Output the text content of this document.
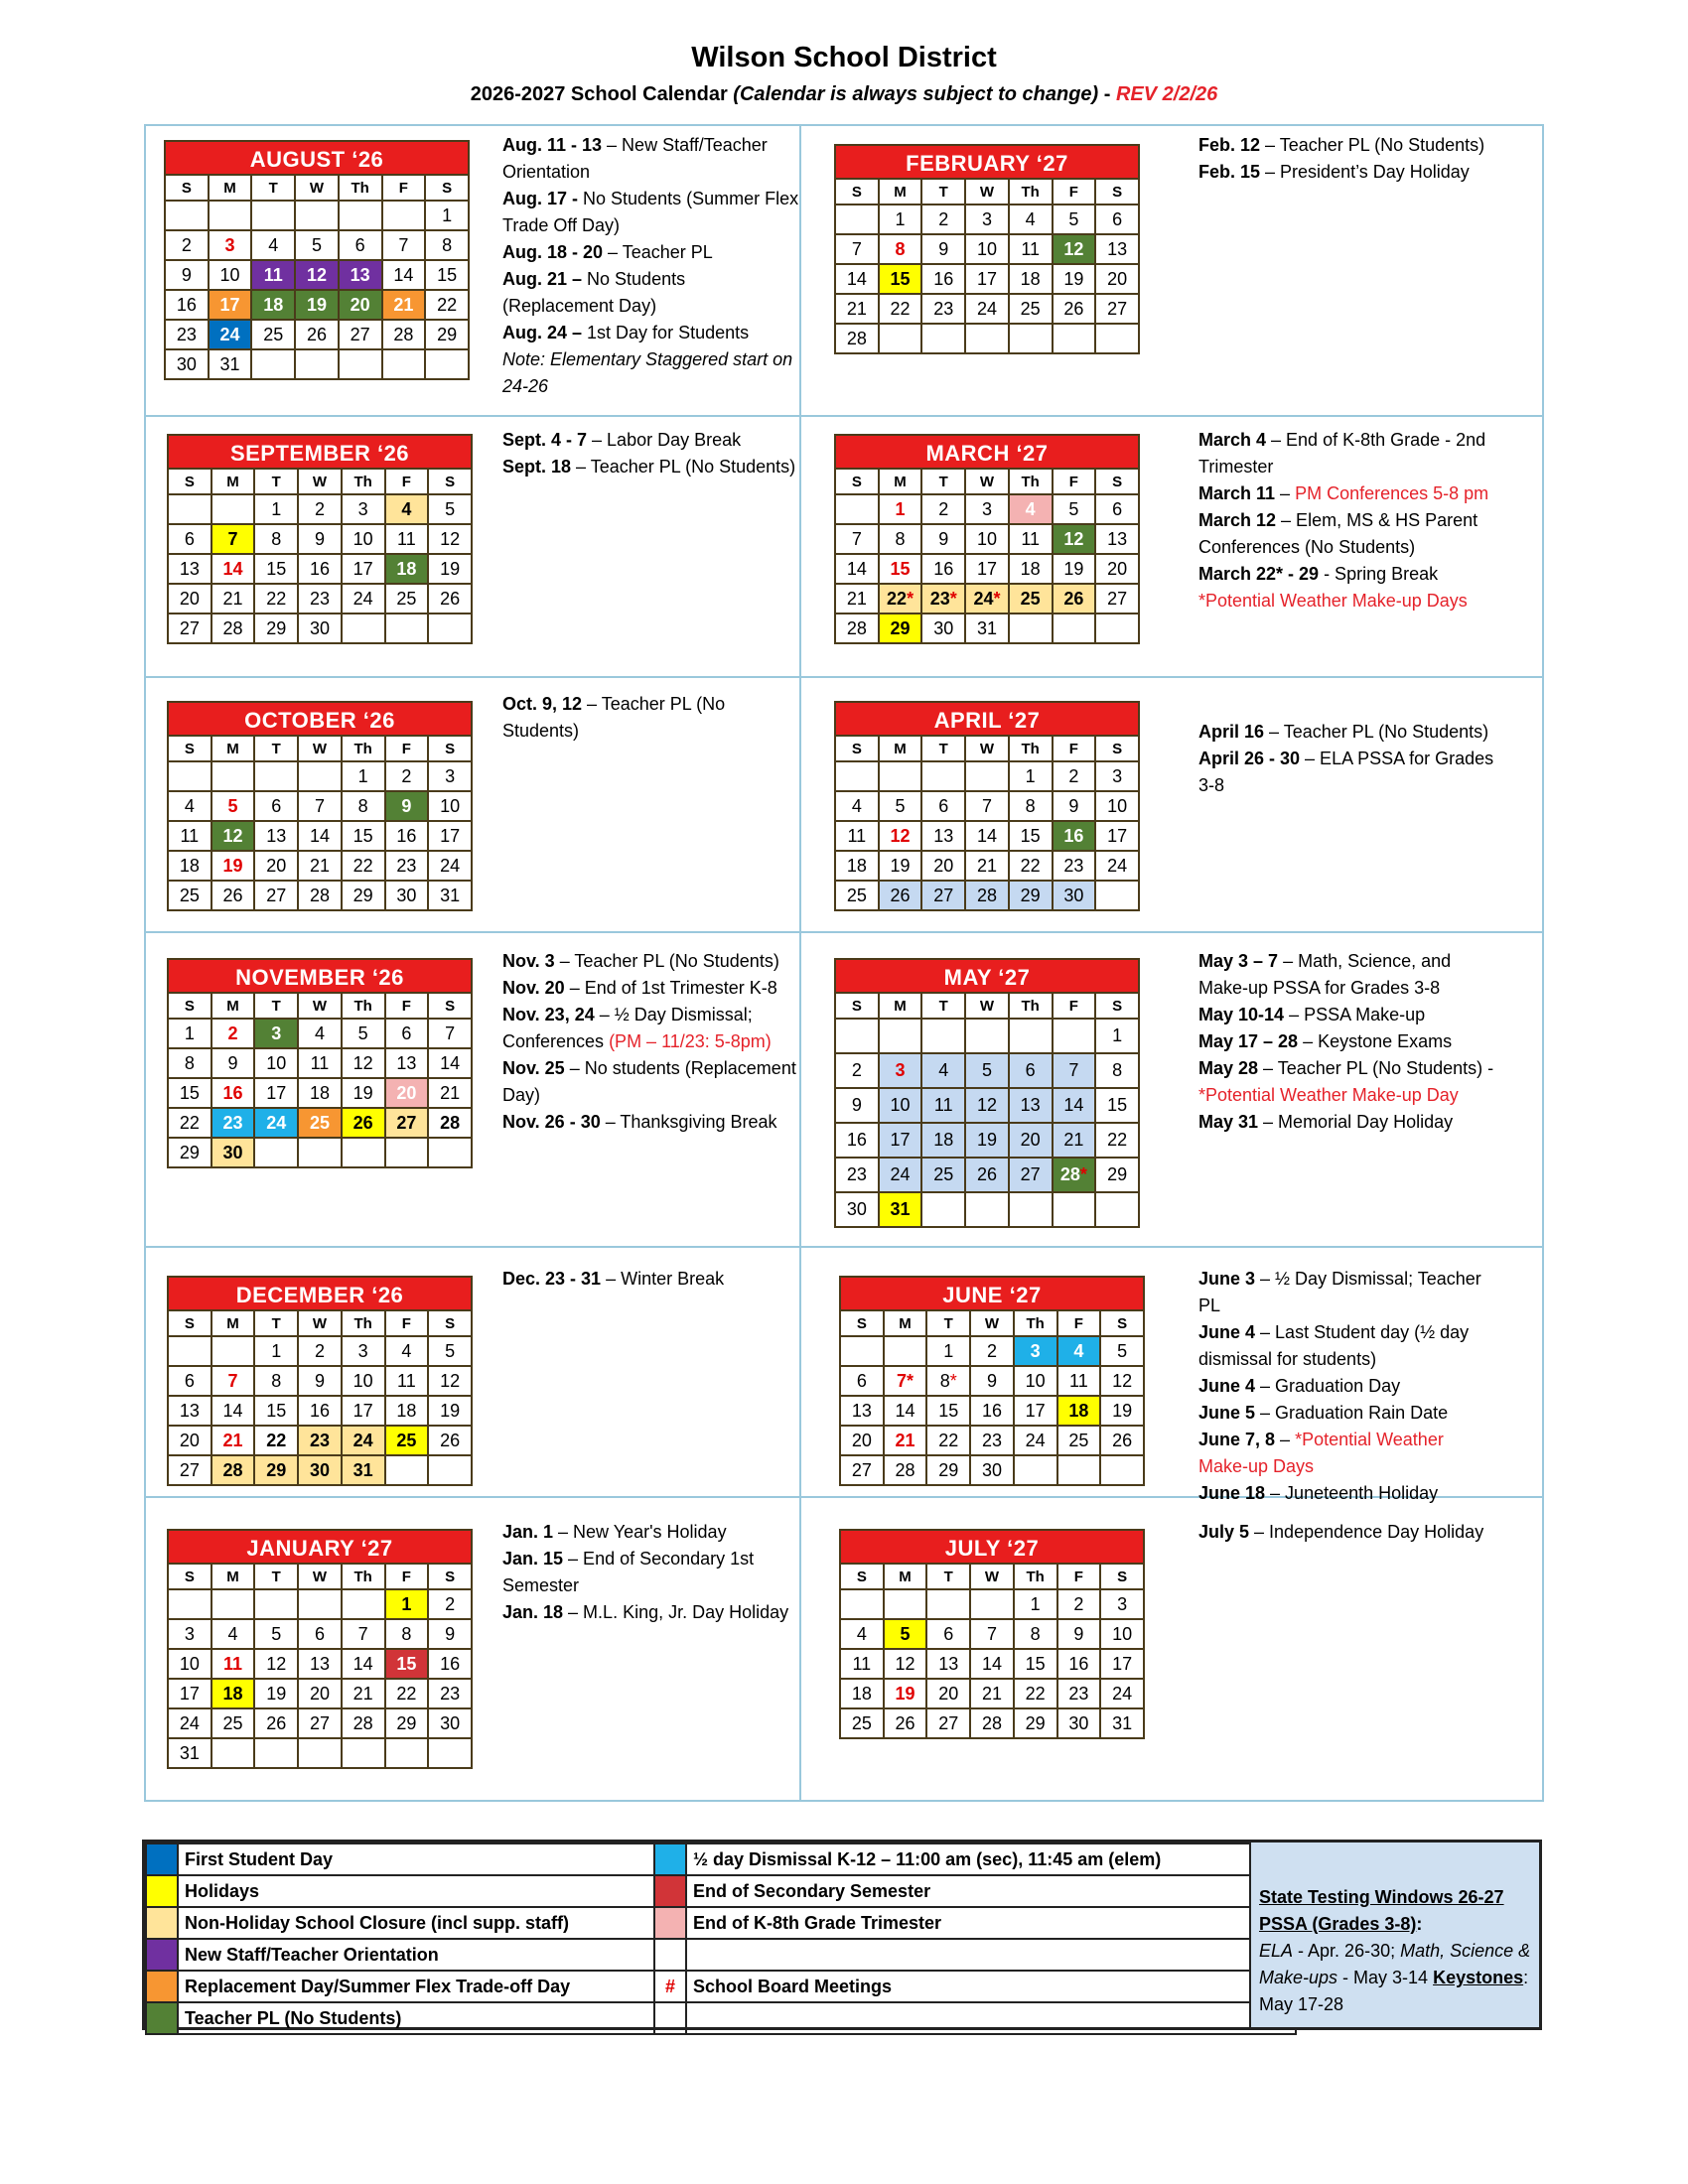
Wilson School District
2026-2027 School Calendar (Calendar is always subject to change) - REV 2/2/26
AUGUST ‘26
S	M	T	W	Th	F	S
						1
2	3	4	5	6	7	8
9	10	11	12	13	14	15
16	17	18	19	20	21	22
23	24	25	26	27	28	29
30	31					
FEBRUARY ‘27
S	M	T	W	Th	F	S
	1	2	3	4	5	6
7	8	9	10	11	12	13
14	15	16	17	18	19	20
21	22	23	24	25	26	27
28						
SEPTEMBER ‘26
S	M	T	W	Th	F	S
		1	2	3	4	5
6	7	8	9	10	11	12
13	14	15	16	17	18	19
20	21	22	23	24	25	26
27	28	29	30			
MARCH ‘27
S	M	T	W	Th	F	S
	1	2	3	4	5	6
7	8	9	10	11	12	13
14	15	16	17	18	19	20
21	22*	23*	24*	25	26	27
28	29	30	31			
OCTOBER ‘26
S	M	T	W	Th	F	S
				1	2	3
4	5	6	7	8	9	10
11	12	13	14	15	16	17
18	19	20	21	22	23	24
25	26	27	28	29	30	31
APRIL ‘27
S	M	T	W	Th	F	S
				1	2	3
4	5	6	7	8	9	10
11	12	13	14	15	16	17
18	19	20	21	22	23	24
25	26	27	28	29	30	
NOVEMBER ‘26
S	M	T	W	Th	F	S
1	2	3	4	5	6	7
8	9	10	11	12	13	14
15	16	17	18	19	20	21
22	23	24	25	26	27	28
29	30					
MAY ‘27
S	M	T	W	Th	F	S
						1
2	3	4	5	6	7	8
9	10	11	12	13	14	15
16	17	18	19	20	21	22
23	24	25	26	27	28*	29
30	31					
DECEMBER ‘26
S	M	T	W	Th	F	S
		1	2	3	4	5
6	7	8	9	10	11	12
13	14	15	16	17	18	19
20	21	22	23	24	25	26
27	28	29	30	31		
JUNE ‘27
S	M	T	W	Th	F	S
		1	2	3	4	5
6	7*	8*	9	10	11	12
13	14	15	16	17	18	19
20	21	22	23	24	25	26
27	28	29	30			
JANUARY ‘27
S	M	T	W	Th	F	S
					1	2
3	4	5	6	7	8	9
10	11	12	13	14	15	16
17	18	19	20	21	22	23
24	25	26	27	28	29	30
31						
JULY ‘27
S	M	T	W	Th	F	S
				1	2	3
4	5	6	7	8	9	10
11	12	13	14	15	16	17
18	19	20	21	22	23	24
25	26	27	28	29	30	31
Aug. 11 - 13 – New Staff/Teacher Orientation
Aug. 17 - No Students (Summer Flex Trade Off Day)
Aug. 18 - 20 – Teacher PL
Aug. 21 – No Students (Replacement Day)
Aug. 24 – 1st Day for Students
Note: Elementary Staggered start on 24-26
Feb. 12 – Teacher PL (No Students)
Feb. 15 – President’s Day Holiday
Sept. 4 - 7 – Labor Day Break
Sept. 18 – Teacher PL (No Students)
March 4 – End of K-8th Grade - 2nd Trimester
March 11 – PM Conferences 5-8 pm
March 12 – Elem, MS & HS Parent Conferences (No Students)
March 22* - 29 - Spring Break
*Potential Weather Make-up Days
Oct. 9, 12 – Teacher PL (No Students)	April 16 – Teacher PL (No Students)
April 26 - 30 – ELA PSSA for Grades 3-8
Nov. 3 – Teacher PL (No Students)
Nov. 20 – End of 1st Trimester K-8
Nov. 23, 24 – ½ Day Dismissal; Conferences (PM – 11/23: 5-8pm)
Nov. 25 – No students (Replacement Day)
Nov. 26 - 30 – Thanksgiving Break
May 3 – 7 – Math, Science, and Make-up PSSA for Grades 3-8
May 10-14 – PSSA Make-up
May 17 – 28 – Keystone Exams
May 28 – Teacher PL (No Students) -
*Potential Weather Make-up Day
May 31 – Memorial Day Holiday
Dec. 23 - 31 – Winter Break	June 3 – ½ Day Dismissal; Teacher PL
June 4 – Last Student day (½ day dismissal for students)
June 4 – Graduation Day
June 5 – Graduation Rain Date
June 7, 8 – *Potential Weather Make-up Days
June 18 – Juneteenth Holiday
Jan. 1 – New Year's Holiday
Jan. 15 – End of Secondary 1st Semester
Jan. 18 – M.L. King, Jr. Day Holiday
July 5 – Independence Day Holiday
	First Student Day		½ day Dismissal K-12 – 11:00 am (sec), 11:45 am (elem)
	Holidays		End of Secondary Semester
	Non-Holiday School Closure (incl supp. staff)		End of K-8th Grade Trimester
	New Staff/Teacher Orientation		
	Replacement Day/Summer Flex Trade-off Day	#	School Board Meetings
	Teacher PL (No Students)		
State Testing Windows 26-27 PSSA (Grades 3-8):
ELA - Apr. 26-30; Math, Science & Make-ups - May 3-14 Keystones: May 17-28
